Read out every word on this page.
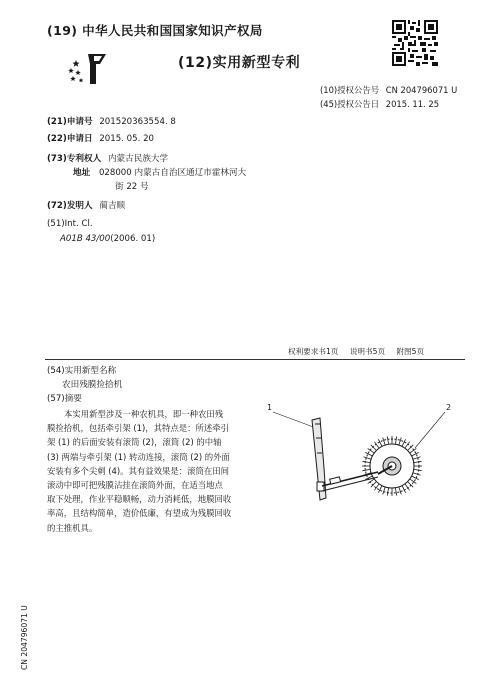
(19) 中华人民共和国国家知识产权局
(12)实用新型专利
(10)授权公告号 CN 204796071 U
(45)授权公告日 2015. 11. 25
(21)申请号 201520363554. 8
(22)申请日 2015. 05. 20
(73)专利权人 内蒙古民族大学
地址 028000 内蒙古自治区通辽市霍林河大
街 22 号
(72)发明人 蔺吉顺
(51)Int. Cl.
A01B 43/00(2006. 01)
权利要求书1页 说明书5页 附图5页
(54)实用新型名称
农田残膜捡拾机
(57)摘要
本实用新型涉及一种农机具，即一种农田残
膜捡拾机，包括牵引架 (1)，其特点是：所述牵引
架 (1) 的后面安装有滚筒 (2)，滚筒 (2) 的中轴
(3) 两端与牵引架 (1) 转动连接，滚筒 (2) 的外面
安装有多个尖刺 (4)。其有益效果是：滚筒在田间
滚动中即可把残膜沾挂在滚筒外面，在适当地点
取下处理，作业平稳顺畅，动力消耗低，地膜回收
率高，且结构简单，造价低廉，有望成为残膜回收
的主推机具。
1	2
CN 204796071 U
